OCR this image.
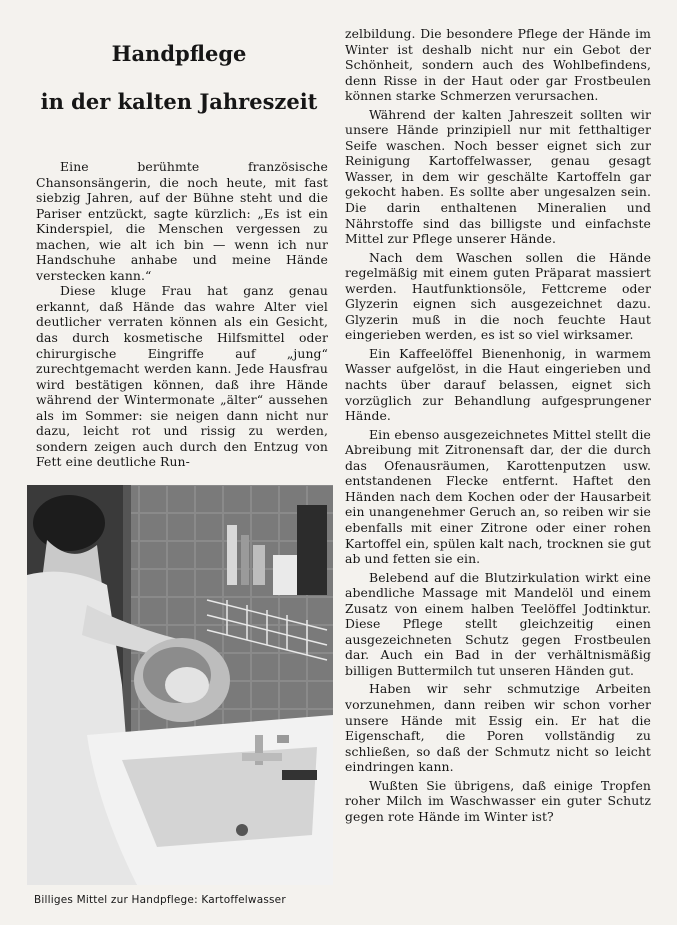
Handpflege
in der kalten Jahreszeit

Eine berühmte französische Chansonsängerin, die noch heute, mit fast siebzig Jahren, auf der Bühne steht und die Pariser entzückt, sagte kürzlich: „Es ist ein Kinderspiel, die Menschen vergessen zu machen, wie alt ich bin — wenn ich nur Handschuhe anhabe und meine Hände verstecken kann.“

Diese kluge Frau hat ganz genau erkannt, daß Hände das wahre Alter viel deutlicher verraten können als ein Gesicht, das durch kosmetische Hilfsmittel oder chirurgische Eingriffe auf „jung“ zurechtgemacht werden kann. Jede Hausfrau wird bestätigen können, daß ihre Hände während der Wintermonate „älter“ aussehen als im Sommer: sie neigen dann nicht nur dazu, leicht rot und rissig zu werden, sondern zeigen auch durch den Entzug von Fett eine deutliche Run-

Billiges Mittel zur Handpflege: Kartoffelwasser

zelbildung. Die besondere Pflege der Hände im Winter ist deshalb nicht nur ein Gebot der Schönheit, sondern auch des Wohlbefindens, denn Risse in der Haut oder gar Frostbeulen können starke Schmerzen verursachen.

Während der kalten Jahreszeit sollten wir unsere Hände prinzipiell nur mit fetthaltiger Seife waschen. Noch besser eignet sich zur Reinigung Kartoffelwasser, genau gesagt Wasser, in dem wir geschälte Kartoffeln gar gekocht haben. Es sollte aber ungesalzen sein. Die darin enthaltenen Mineralien und Nährstoffe sind das billigste und einfachste Mittel zur Pflege unserer Hände.

Nach dem Waschen sollen die Hände regelmäßig mit einem guten Präparat massiert werden. Hautfunktionsöle, Fettcreme oder Glyzerin eignen sich ausgezeichnet dazu. Glyzerin muß in die noch feuchte Haut eingerieben werden, es ist so viel wirksamer.

Ein Kaffeelöffel Bienenhonig, in warmem Wasser aufgelöst, in die Haut eingerieben und nachts über darauf belassen, eignet sich vorzüglich zur Behandlung aufgesprungener Hände.

Ein ebenso ausgezeichnetes Mittel stellt die Abreibung mit Zitronensaft dar, der die durch das Ofenausräumen, Karottenputzen usw. entstandenen Flecke entfernt. Haftet den Händen nach dem Kochen oder der Hausarbeit ein unangenehmer Geruch an, so reiben wir sie ebenfalls mit einer Zitrone oder einer rohen Kartoffel ein, spülen kalt nach, trocknen sie gut ab und fetten sie ein.

Belebend auf die Blutzirkulation wirkt eine abendliche Massage mit Mandelöl und einem Zusatz von einem halben Teelöffel Jodtinktur. Diese Pflege stellt gleichzeitig einen ausgezeichneten Schutz gegen Frostbeulen dar. Auch ein Bad in der verhältnismäßig billigen Buttermilch tut unseren Händen gut.

Haben wir sehr schmutzige Arbeiten vorzunehmen, dann reiben wir schon vorher unsere Hände mit Essig ein. Er hat die Eigenschaft, die Poren vollständig zu schließen, so daß der Schmutz nicht so leicht eindringen kann.

Wußten Sie übrigens, daß einige Tropfen roher Milch im Waschwasser ein guter Schutz gegen rote Hände im Winter ist?
